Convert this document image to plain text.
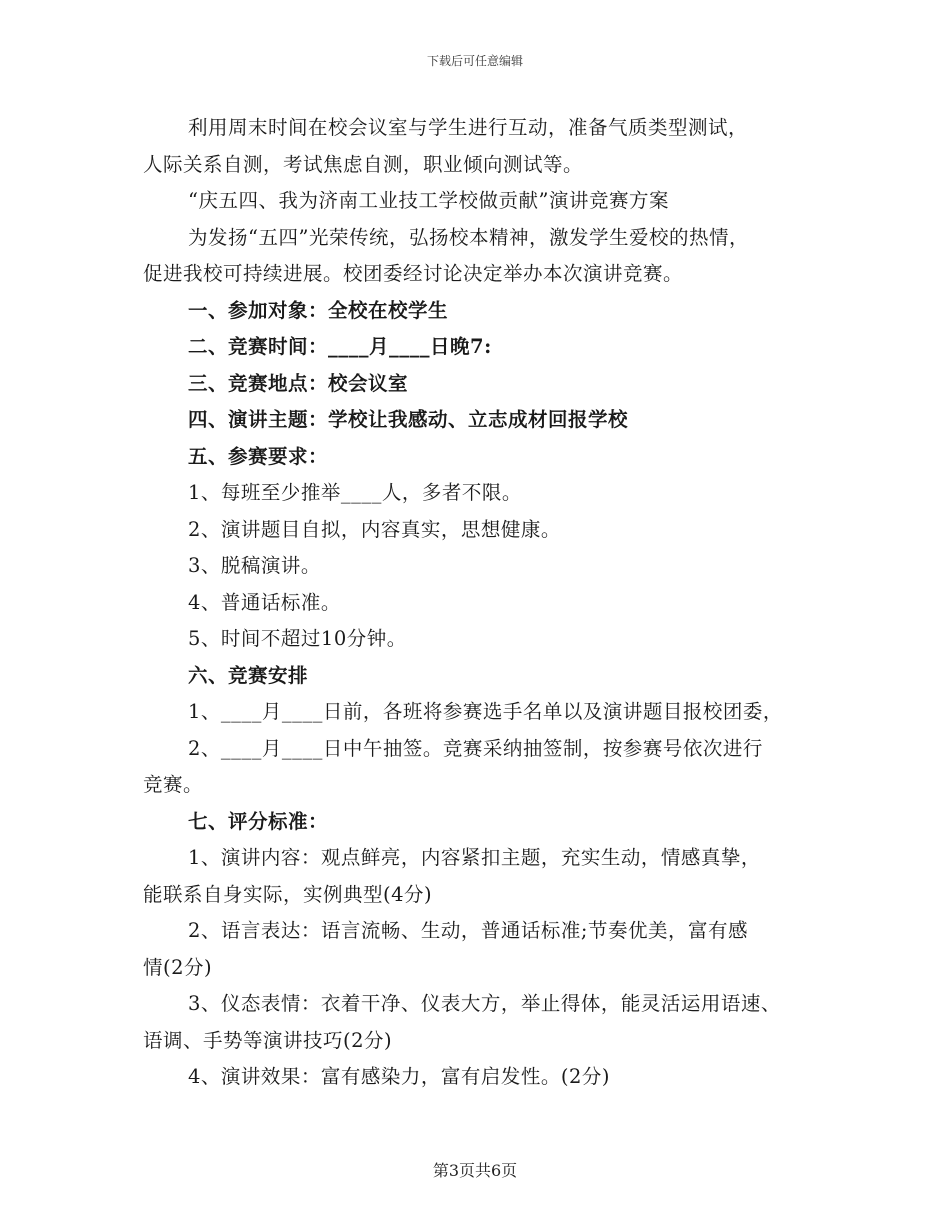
下载后可任意编辑
利用周末时间在校会议室与学生进行互动，准备气质类型测试，
人际关系自测，考试焦虑自测，职业倾向测试等。
“庆五四、我为济南工业技工学校做贡献”演讲竞赛方案
为发扬“五四”光荣传统，弘扬校本精神，激发学生爱校的热情，
促进我校可持续进展。校团委经讨论决定举办本次演讲竞赛。
一、参加对象：全校在校学生
二、竞赛时间：____月____日晚7:
三、竞赛地点：校会议室
四、演讲主题：学校让我感动、立志成材回报学校
五、参赛要求：
1、每班至少推举____人，多者不限。
2、演讲题目自拟，内容真实，思想健康。
3、脱稿演讲。
4、普通话标准。
5、时间不超过10分钟。
六、竞赛安排
1、____月____日前，各班将参赛选手名单以及演讲题目报校团委，
2、____月____日中午抽签。竞赛采纳抽签制，按参赛号依次进行
竞赛。
七、评分标准：
1、演讲内容：观点鲜亮，内容紧扣主题，充实生动，情感真挚，
能联系自身实际，实例典型(4分)
2、语言表达：语言流畅、生动，普通话标准;节奏优美，富有感
情(2分)
3、仪态表情：衣着干净、仪表大方，举止得体，能灵活运用语速、
语调、手势等演讲技巧(2分)
4、演讲效果：富有感染力，富有启发性。(2分)
第3页共6页
